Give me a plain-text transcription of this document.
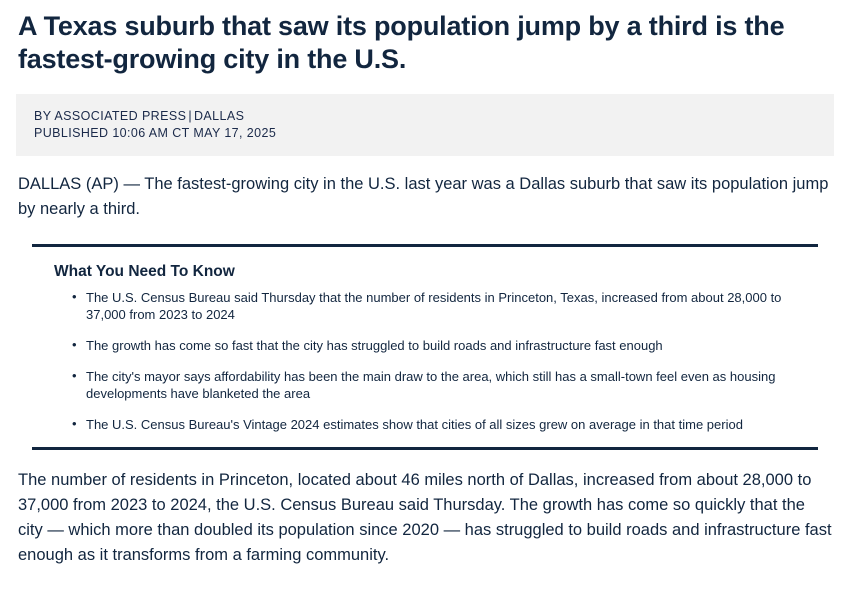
A Texas suburb that saw its population jump by a third is the fastest-growing city in the U.S.
BY ASSOCIATED PRESS | DALLAS
PUBLISHED 10:06 AM CT MAY 17, 2025

DALLAS (AP) — The fastest-growing city in the U.S. last year was a Dallas suburb that saw its population jump by nearly a third.

What You Need To Know
• The U.S. Census Bureau said Thursday that the number of residents in Princeton, Texas, increased from about 28,000 to 37,000 from 2023 to 2024
• The growth has come so fast that the city has struggled to build roads and infrastructure fast enough
• The city's mayor says affordability has been the main draw to the area, which still has a small-town feel even as housing developments have blanketed the area
• The U.S. Census Bureau's Vintage 2024 estimates show that cities of all sizes grew on average in that time period

The number of residents in Princeton, located about 46 miles north of Dallas, increased from about 28,000 to 37,000 from 2023 to 2024, the U.S. Census Bureau said Thursday. The growth has come so quickly that the city — which more than doubled its population since 2020 — has struggled to build roads and infrastructure fast enough as it transforms from a farming community.
